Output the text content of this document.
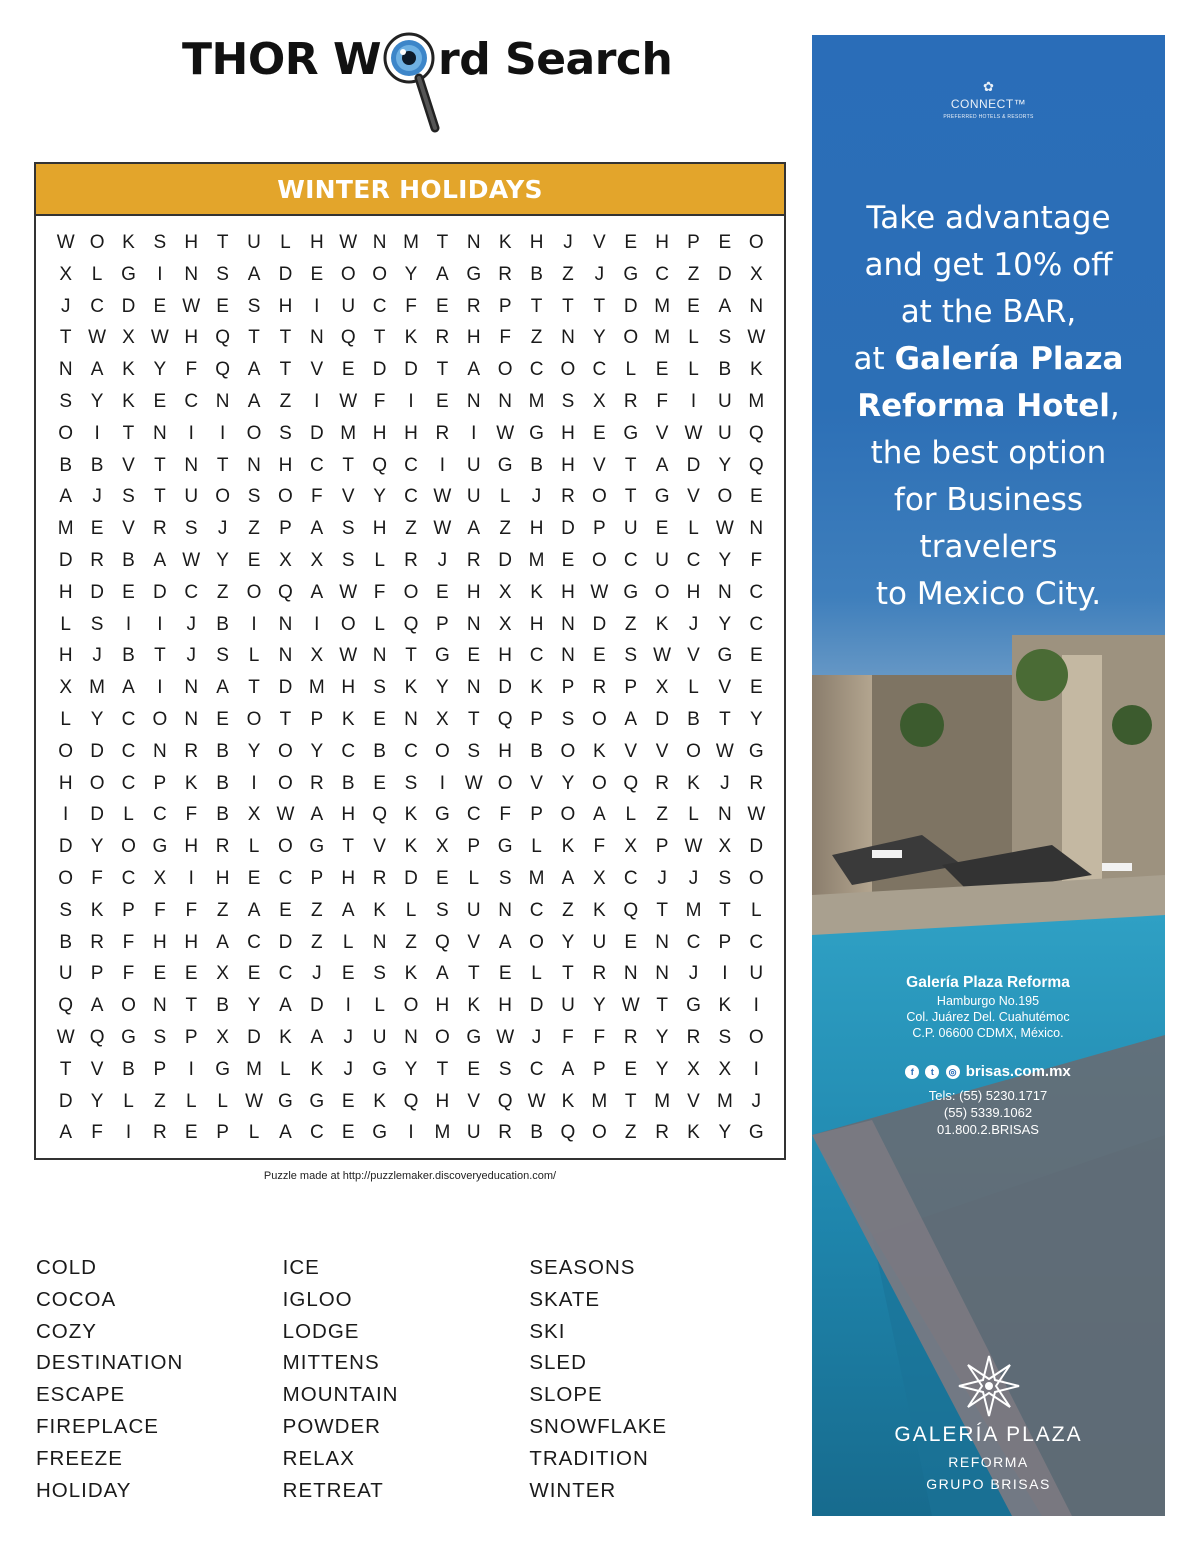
THOR W rd Search
WINTER HOLIDAYS
W O K S H T U	L	H W N M T N K H	J	V E H P E O
X	L G	I	N S A D E O O Y A G R B	Z	J	G C Z D X
J	C D E W E S H	I	U C F	E R P	T	T	T D M E A N
T W X W H Q T	T N Q T	K R H F	Z N Y O M L	S W
N A K Y	F Q A	T	V E D D T	A O C O C	L	E	L	B K
S Y K E C N A	Z	I	W F	I	E N N M S X R F	I	U M
O	I	T N	I	I	O S D M H H R	I	W G H E G V W U Q
B B V	T N T N H C T Q C	I	U G B H V	T	A D Y Q
A	J	S	T U O S O F	V Y C W U	L	J	R O T G V O E
M E V R S	J	Z	P A S H Z W A	Z H D P U E	L W N
D R B A W Y E X X S	L	R	J	R D M E O C U C Y	F
H D E D C Z O Q A W F O E H X K H W G O H N C
L	S	I	I	J	B	I	N	I	O L Q P N X H N D Z	K	J	Y C
H	J	B	T	J	S	L	N X W N T G E H C N E S W V G E
X M A	I	N A	T D M H S K Y N D K P R P X	L	V E
L	Y C O N E O T	P K E N X	T Q P S O A D B	T	Y
O D C N R B Y O Y C B C O S H B O K V V O W G
H O C P K B	I	O R B E S	I	W O V Y O Q R K	J	R
I	D	L	C F	B X W A H Q K G C F	P O A	L	Z	L	N W
D Y O G H R	L O G T	V K X P G L	K	F	X P W X D
O F C X	I	H E C P H R D E	L	S M A X C	J	J	S O
S K P	F	F	Z	A E	Z	A K	L	S U N C Z	K Q T M T	L
B R F H H A C D Z	L	N Z Q V A O Y U E N C P C
U P	F	E E X E C	J	E S K A	T	E	L	T R N N	J	I	U
Q A O N T	B Y A D	I	L O H K H D U Y W T G K	I
W Q G S P X D K A	J	U N O G W J	F	F R Y R S O
T	V B P	I	G M L	K	J	G Y	T	E S C A P E Y X X	I
D Y	L	Z	L	L W G G E K Q H V Q W K M T M V M J
A	F	I	R E P	L	A C E G	I	M U R B Q O Z R K Y G
Puzzle made at http://puzzlemaker.discoveryeducation.com/
COLD
COCOA
COZY
DESTINATION
ESCAPE
FIREPLACE
FREEZE
HOLIDAY
ICE
IGLOO
LODGE
MITTENS
MOUNTAIN
POWDER
RELAX
RETREAT
SEASONS
SKATE
SKI
SLED
SLOPE
SNOWFLAKE
TRADITION
WINTER
✿
CONNECT™
PREFERRED HOTELS & RESORTS
Take advantage
and get 10% off
at the BAR,
at Galería Plaza
Reforma Hotel,
the best option
for Business
travelers
to Mexico City.
Galería Plaza Reforma
Hamburgo No.195
Col. Juárez Del. Cuahutémoc
C.P. 06600 CDMX, México.
f t ◎ brisas.com.mx
Tels: (55) 5230.1717
(55) 5339.1062
01.800.2.BRISAS
GALERÍA PLAZA
REFORMA
GRUPO BRISAS
